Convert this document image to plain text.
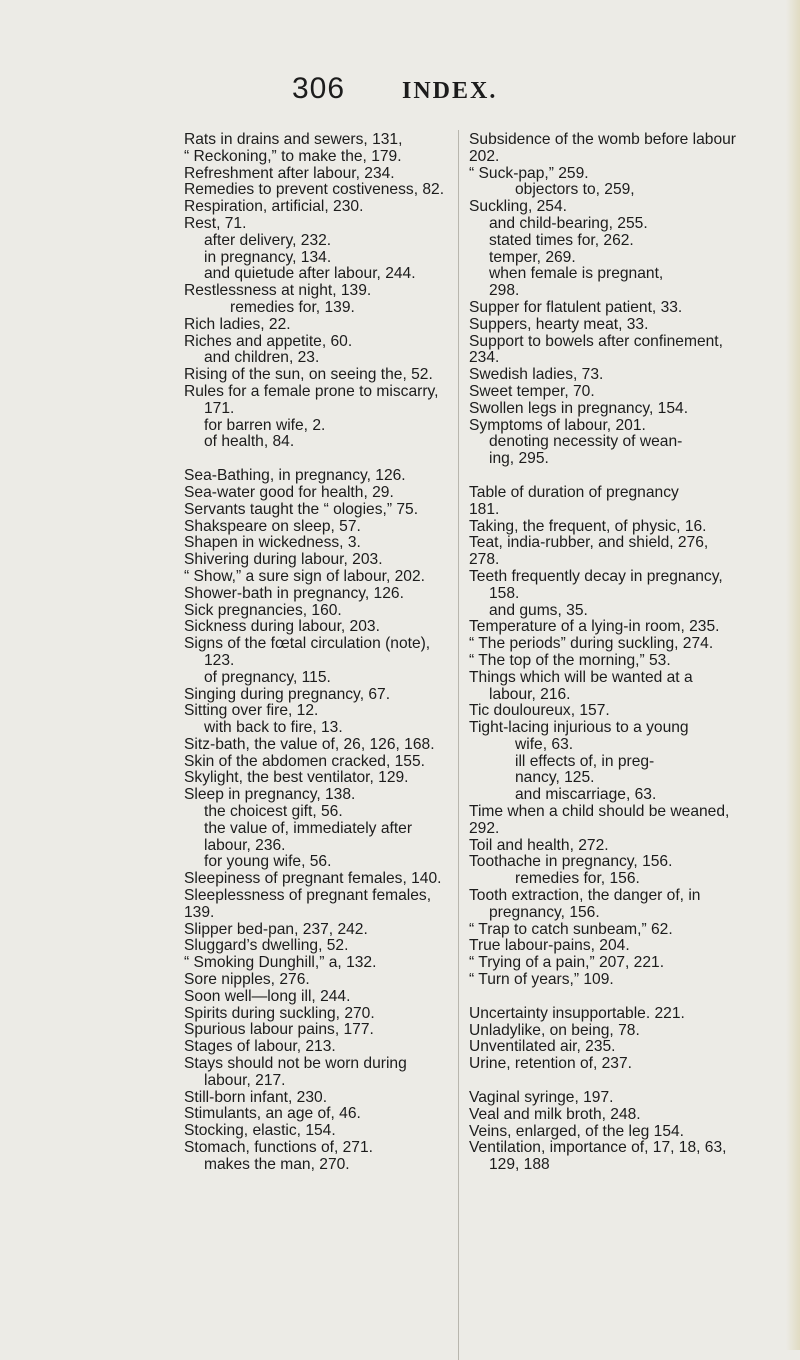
306 INDEX.
Rats in drains and sewers, 131,
“ Reckoning,” to make the, 179.
Refreshment after labour, 234.
Remedies to prevent costiveness, 82.
Respiration, artificial, 230.
Rest, 71.
after delivery, 232.
in pregnancy, 134.
and quietude after labour, 244.
Restlessness at night, 139.
remedies for, 139.
Rich ladies, 22.
Riches and appetite, 60.
and children, 23.
Rising of the sun, on seeing the, 52.
Rules for a female prone to miscarry,
171.
for barren wife, 2.
of health, 84.
Sea-Bathing, in pregnancy, 126.
Sea-water good for health, 29.
Servants taught the “ ologies,” 75.
Shakspeare on sleep, 57.
Shapen in wickedness, 3.
Shivering during labour, 203.
“ Show,” a sure sign of labour, 202.
Shower-bath in pregnancy, 126.
Sick pregnancies, 160.
Sickness during labour, 203.
Signs of the fœtal circulation (note),
123.
of pregnancy, 115.
Singing during pregnancy, 67.
Sitting over fire, 12.
with back to fire, 13.
Sitz-bath, the value of, 26, 126, 168.
Skin of the abdomen cracked, 155.
Skylight, the best ventilator, 129.
Sleep in pregnancy, 138.
the choicest gift, 56.
the value of, immediately after
labour, 236.
for young wife, 56.
Sleepiness of pregnant females, 140.
Sleeplessness of pregnant females,
139.
Slipper bed-pan, 237, 242.
Sluggard’s dwelling, 52.
“ Smoking Dunghill,” a, 132.
Sore nipples, 276.
Soon well—long ill, 244.
Spirits during suckling, 270.
Spurious labour pains, 177.
Stages of labour, 213.
Stays should not be worn during
labour, 217.
Still-born infant, 230.
Stimulants, an age of, 46.
Stocking, elastic, 154.
Stomach, functions of, 271.
makes the man, 270.
Subsidence of the womb before labour
202.
“ Suck-pap,” 259.
objectors to, 259,
Suckling, 254.
and child-bearing, 255.
stated times for, 262.
temper, 269.
when female is pregnant,
298.
Supper for flatulent patient, 33.
Suppers, hearty meat, 33.
Support to bowels after confinement,
234.
Swedish ladies, 73.
Sweet temper, 70.
Swollen legs in pregnancy, 154.
Symptoms of labour, 201.
denoting necessity of wean-
ing, 295.
Table of duration of pregnancy
181.
Taking, the frequent, of physic, 16.
Teat, india-rubber, and shield, 276,
278.
Teeth frequently decay in pregnancy,
158.
and gums, 35.
Temperature of a lying-in room, 235.
“ The periods” during suckling, 274.
“ The top of the morning,” 53.
Things which will be wanted at a
labour, 216.
Tic douloureux, 157.
Tight-lacing injurious to a young
wife, 63.
ill effects of, in preg-
nancy, 125.
and miscarriage, 63.
Time when a child should be weaned,
292.
Toil and health, 272.
Toothache in pregnancy, 156.
remedies for, 156.
Tooth extraction, the danger of, in
pregnancy, 156.
“ Trap to catch sunbeam,” 62.
True labour-pains, 204.
“ Trying of a pain,” 207, 221.
“ Turn of years,” 109.
Uncertainty insupportable. 221.
Unladylike, on being, 78.
Unventilated air, 235.
Urine, retention of, 237.
Vaginal syringe, 197.
Veal and milk broth, 248.
Veins, enlarged, of the leg 154.
Ventilation, importance of, 17, 18, 63,
129, 188
